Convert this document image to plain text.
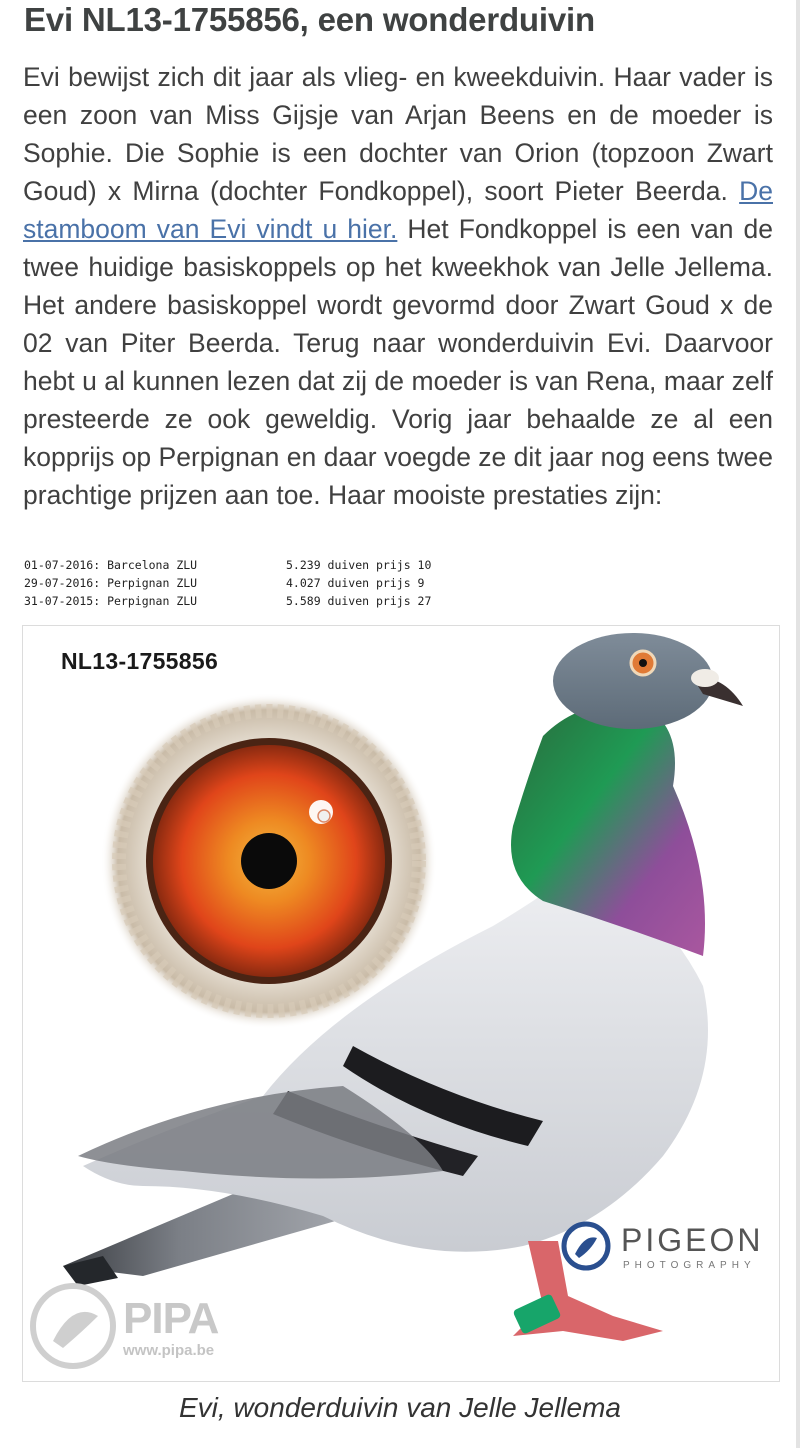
Evi NL13-1755856, een wonderduivin

Evi bewijst zich dit jaar als vlieg- en kweekduivin. Haar vader is een zoon van Miss Gijsje van Arjan Beens en de moeder is Sophie. Die Sophie is een dochter van Orion (topzoon Zwart Goud) x Mirna (dochter Fondkoppel), soort Pieter Beerda. De stamboom van Evi vindt u hier. Het Fondkoppel is een van de twee huidige basiskoppels op het kweekhok van Jelle Jellema. Het andere basiskoppel wordt gevormd door Zwart Goud x de 02 van Piter Beerda. Terug naar wonderduivin Evi. Daarvoor hebt u al kunnen lezen dat zij de moeder is van Rena, maar zelf presteerde ze ook geweldig. Vorig jaar behaalde ze al een kopprijs op Perpignan en daar voegde ze dit jaar nog eens twee prachtige prijzen aan toe. Haar mooiste prestaties zijn:

01-07-2016: Barcelona ZLU	5.239 duiven prijs 10
29-07-2016: Perpignan ZLU	4.027 duiven prijs 9
31-07-2015: Perpignan ZLU	5.589 duiven prijs 27
NL13-1755856
PIGEON
PHOTOGRAPHY
PIPA
www.pipa.be
Evi, wonderduivin van Jelle Jellema
